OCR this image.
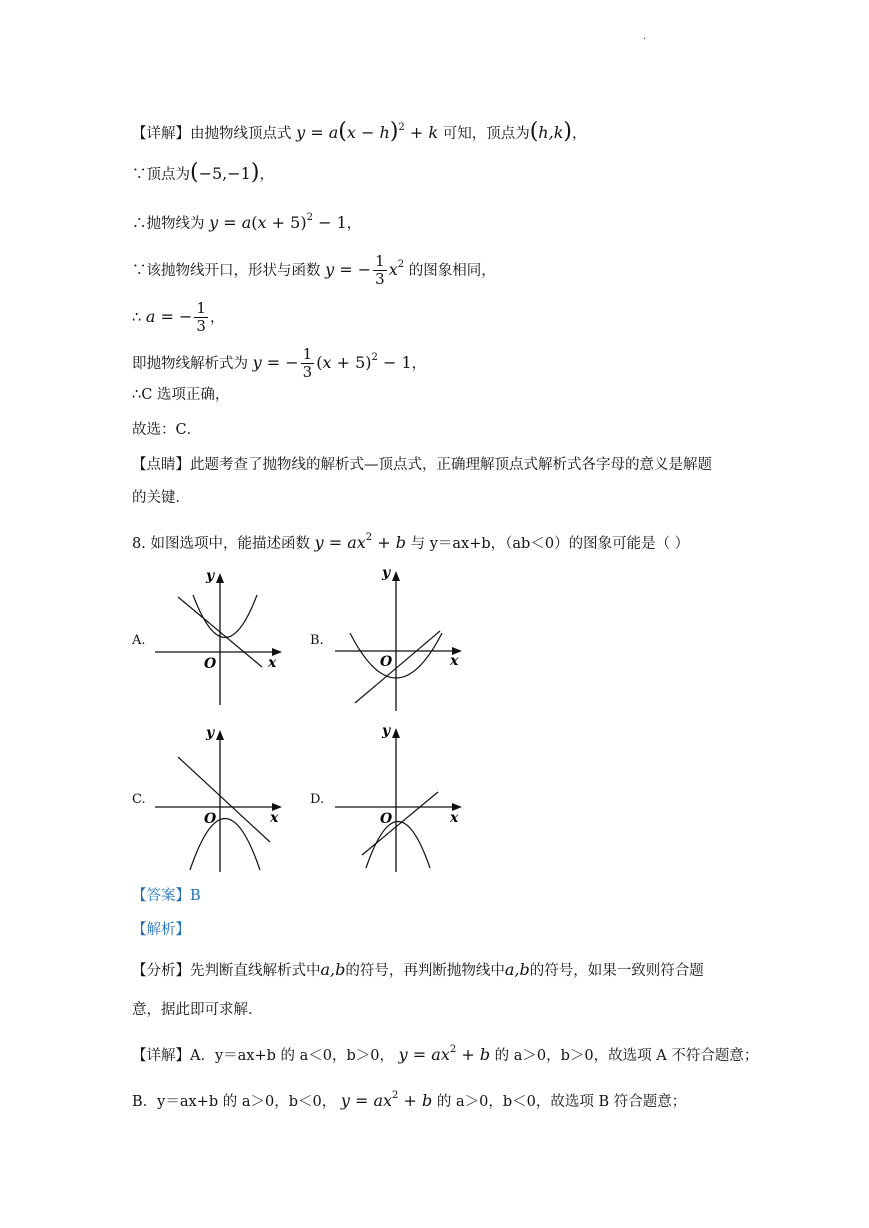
·
【详解】由抛物线顶点式 $y = a(x - h)^2 + k$ 可知，顶点为(h,k)，
∵顶点为(−5,−1)，
∴抛物线为 $y = a(x + 5)^2 - 1$，
∵该抛物线开口，形状与函数 y = − $\frac{1}{3} x^2$ 的图象相同，
∴ a = − $\frac{1}{3}$ ，
即抛物线解析式为 y = − $\frac{1}{3} (x + 5)^2 - 1$，
∴C 选项正确，
故选：C．
【点睛】此题考查了抛物线的解析式—顶点式，正确理解顶点式解析式各字母的意义是解题
的关键．
8. 如图选项中，能描述函数 $y = ax^2 + b$ 与 y＝ax+b，（ab＜0）的图象可能是（ ）
A.	B.
C.	D.
y
x
O
y
x
O
y
x
O
y
x
O
【答案】B
【解析】
【分析】先判断直线解析式中a,b的符号，再判断抛物线中a,b的符号，如果一致则符合题
意，据此即可求解．
【详解】A．y＝ax+b 的 a＜0，b＞0， $y = ax^2 + b$ 的 a＞0，b＞0，故选项 A 不符合题意；
B．y＝ax+b 的 a＞0，b＜0， $y = ax^2 + b$ 的 a＞0，b＜0，故选项 B 符合题意；
